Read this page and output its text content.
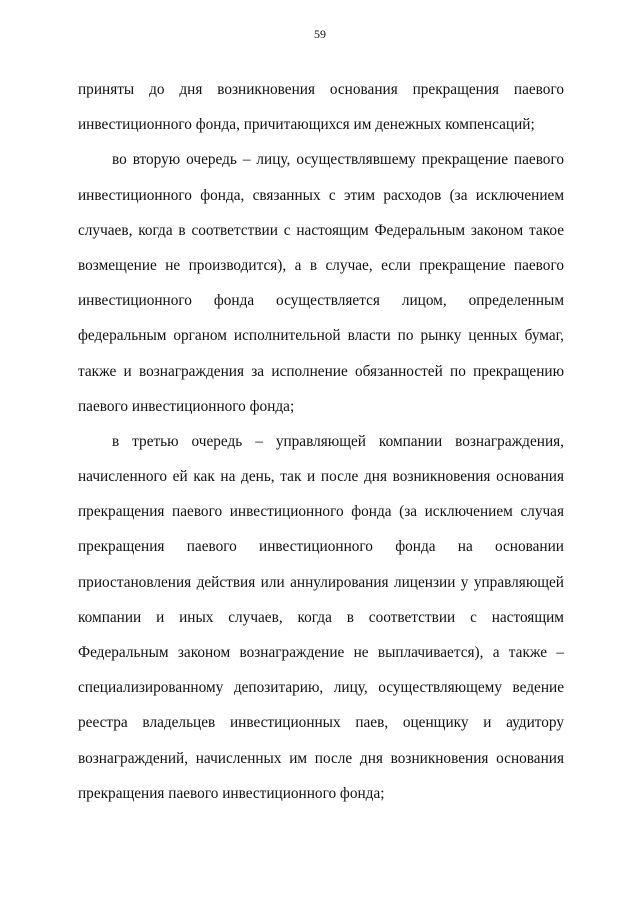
59
приняты до дня возникновения основания прекращения паевого
инвестиционного фонда, причитающихся им денежных компенсаций;
во вторую очередь – лицу, осуществлявшему прекращение паевого
инвестиционного фонда, связанных с этим расходов (за исключением
случаев, когда в соответствии с настоящим Федеральным законом такое
возмещение не производится), а в случае, если прекращение паевого
инвестиционного фонда осуществляется лицом, определенным
федеральным органом исполнительной власти по рынку ценных бумаг,
также и вознаграждения за исполнение обязанностей по прекращению
паевого инвестиционного фонда;
в третью очередь – управляющей компании вознаграждения,
начисленного ей как на день, так и после дня возникновения основания
прекращения паевого инвестиционного фонда (за исключением случая
прекращения паевого инвестиционного фонда на основании
приостановления действия или аннулирования лицензии у управляющей
компании и иных случаев, когда в соответствии с настоящим
Федеральным законом вознаграждение не выплачивается), а также –
специализированному депозитарию, лицу, осуществляющему ведение
реестра владельцев инвестиционных паев, оценщику и аудитору
вознаграждений, начисленных им после дня возникновения основания
прекращения паевого инвестиционного фонда;
